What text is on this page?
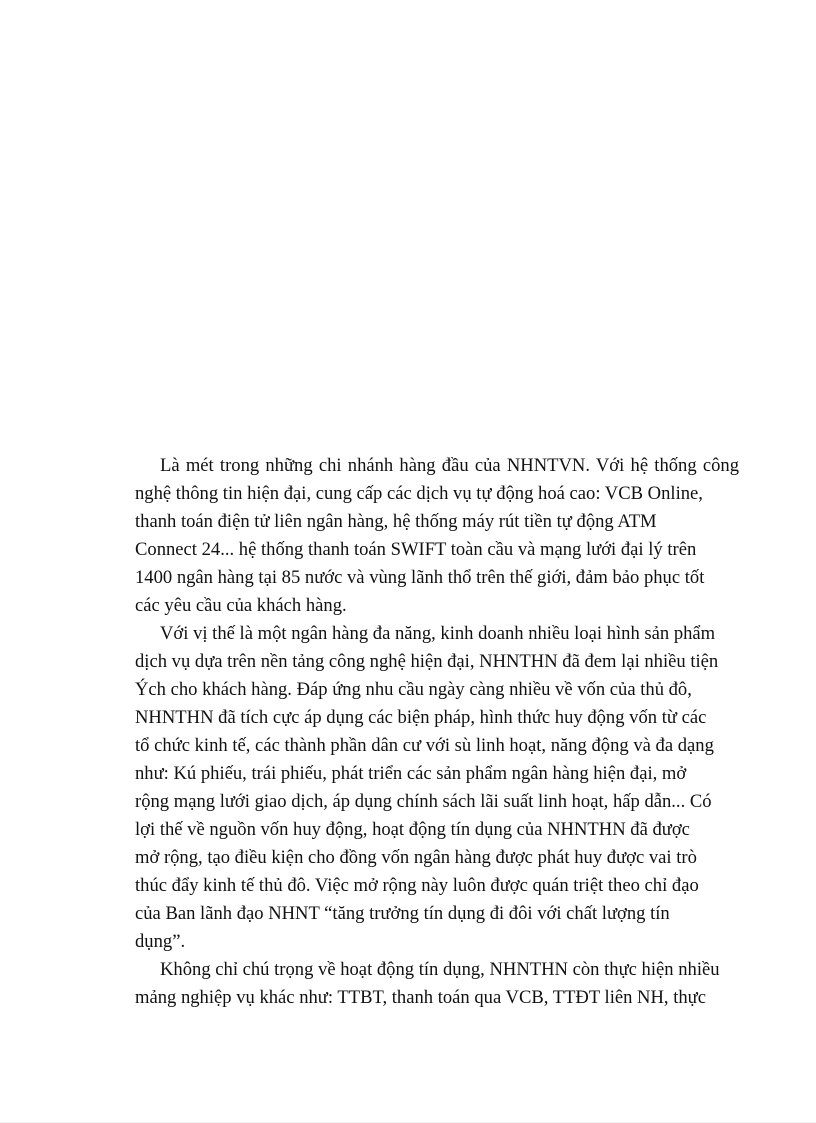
Là mét trong những chi nhánh hàng đầu của NHNTVN. Với hệ thống công
nghệ thông tin hiện đại, cung cấp các dịch vụ tự động hoá cao: VCB Online,
thanh toán điện tử liên ngân hàng, hệ thống máy rút tiền tự động ATM
Connect 24... hệ thống thanh toán SWIFT toàn cầu và mạng lưới đại lý trên
1400 ngân hàng tại 85 nước và vùng lãnh thổ trên thế giới, đảm bảo phục tốt
các yêu cầu của khách hàng.

Với vị thế là một ngân hàng đa năng, kinh doanh nhiều loại hình sản phẩm
dịch vụ dựa trên nền tảng công nghệ hiện đại, NHNTHN đã đem lại nhiều tiện
Ých cho khách hàng. Đáp ứng nhu cầu ngày càng nhiều về vốn của thủ đô,
NHNTHN đã tích cực áp dụng các biện pháp, hình thức huy động vốn từ các
tổ chức kinh tế, các thành phần dân cư với sù linh hoạt, năng động và đa dạng
như: Kú phiếu, trái phiếu, phát triển các sản phẩm ngân hàng hiện đại, mở
rộng mạng lưới giao dịch, áp dụng chính sách lãi suất linh hoạt, hấp dẫn... Có
lợi thế về nguồn vốn huy động, hoạt động tín dụng của NHNTHN đã được
mở rộng, tạo điều kiện cho đồng vốn ngân hàng được phát huy được vai trò
thúc đẩy kinh tế thủ đô. Việc mở rộng này luôn được quán triệt theo chỉ đạo
của Ban lãnh đạo NHNT “tăng trưởng tín dụng đi đôi với chất lượng tín
dụng”.

Không chỉ chú trọng về hoạt động tín dụng, NHNTHN còn thực hiện nhiều
mảng nghiệp vụ khác như: TTBT, thanh toán qua VCB, TTĐT liên NH, thực
